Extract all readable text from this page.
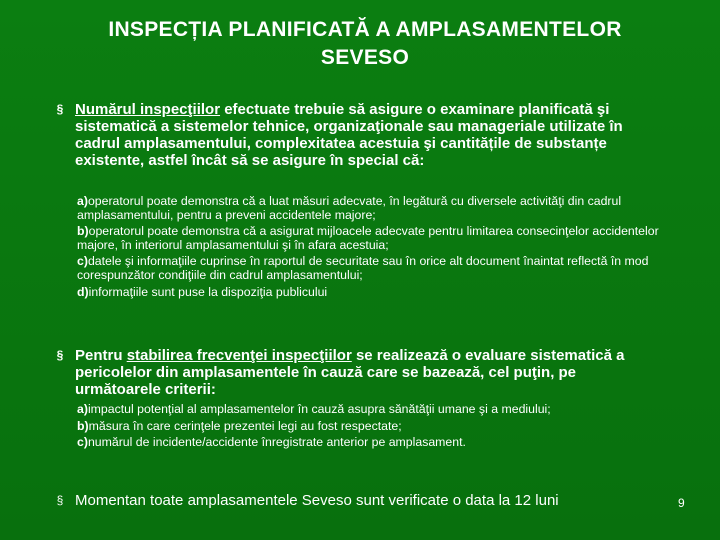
INSPECȚIA PLANIFICATĂ A AMPLASAMENTELOR
SEVESO
§
Numărul inspecţiilor efectuate trebuie să asigure o examinare planificată şi sistematică a sistemelor tehnice, organizaţionale sau manageriale utilizate în cadrul amplasamentului, complexitatea acestuia şi cantitățile de substanțe existente, astfel încât să se asigure în special că:

a)operatorul poate demonstra că a luat măsuri adecvate, în legătură cu diversele activităţi din cadrul amplasamentului, pentru a preveni accidentele majore;

b)operatorul poate demonstra că a asigurat mijloacele adecvate pentru limitarea consecinţelor accidentelor majore, în interiorul amplasamentului şi în afara acestuia;

c)datele şi informaţiile cuprinse în raportul de securitate sau în orice alt document înaintat reflectă în mod corespunzător condiţiile din cadrul amplasamentului;

d)informaţiile sunt puse la dispoziţia publicului

§
Pentru stabilirea frecvenţei inspecţiilor se realizează o evaluare sistematică a pericolelor din amplasamentele în cauză care se bazează, cel puţin, pe următoarele criterii:

a)impactul potenţial al amplasamentelor în cauză asupra sănătăţii umane şi a mediului;

b)măsura în care cerinţele prezentei legi au fost respectate;

c)numărul de incidente/accidente înregistrate anterior pe amplasament.

§
Momentan toate amplasamentele Seveso sunt verificate o data la 12 luni	9
